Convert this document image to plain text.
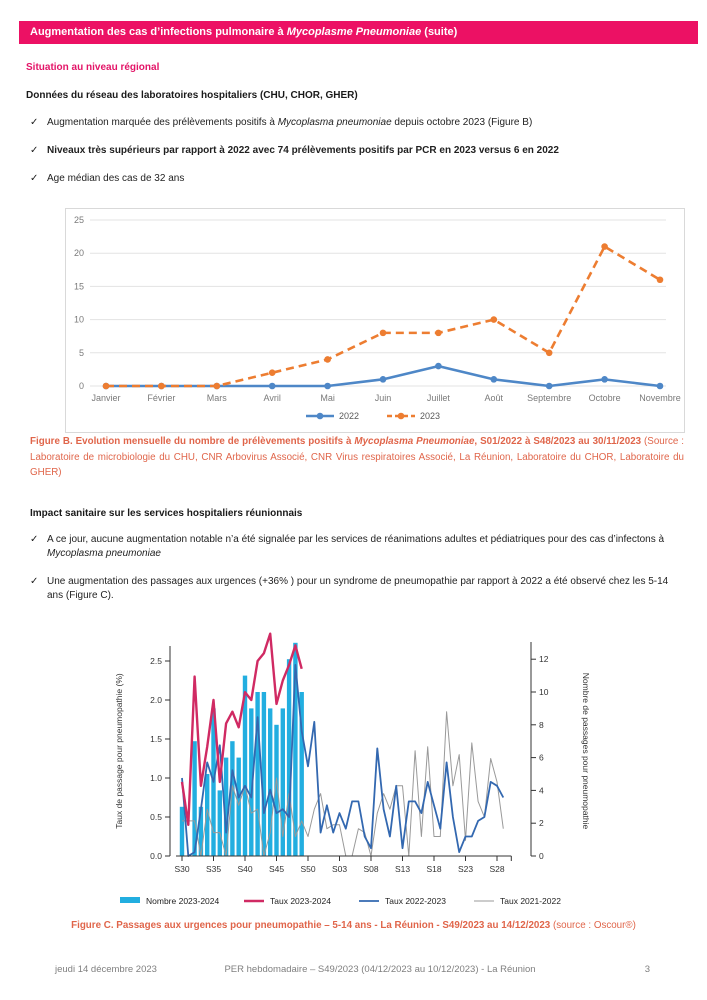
Augmentation des cas d’infections pulmonaire à Mycoplasme Pneumoniae (suite)
Situation au niveau régional
Données du réseau des laboratoires hospitaliers (CHU, CHOR, GHER)
✓ Augmentation marquée des prélèvements positifs à Mycoplasma pneumoniae depuis octobre 2023 (Figure B)
✓ Niveaux très supérieurs par rapport à 2022 avec 74 prélèvements positifs par PCR en 2023 versus 6 en 2022
✓ Age médian des cas de 32 ans
0
5
10
15
20
25
Janvier	Février	Mars	Avril	Mai	Juin	Juillet	Août	Septembre Octobre Novembre
2022	2023

Figure B. Evolution mensuelle du nombre de prélèvements positifs à Mycoplasma Pneumoniae, S01/2022 à S48/2023 au 30/11/2023 (Source : Laboratoire de microbiologie du CHU, CNR Arbovirus Associé, CNR Virus respiratoires Associé, La Réunion, Laboratoire du CHOR, Laboratoire du GHER)

Impact sanitaire sur les services hospitaliers réunionnais
✓ A ce jour, aucune augmentation notable n’a été signalée par les services de réanimations adultes et pédiatriques pour des cas d’infectons à Mycoplasma pneumoniae
✓ Une augmentation des passages aux urgences (+36% ) pour un syndrome de pneumopathie par rapport à 2022 a été observé chez les 5-14 ans (Figure C).
0.0
0.5
1.0
1.5
2.0
2.5
0
2
4
6
8
10
12
S30 S35 S40 S45 S50 S03 S08 S13 S18 S23 S28
Taux de passage pour pneumopathie (%)	Nombre de passages pour pneumopathie
Nombre 2023-2024	Taux 2023-2024	Taux 2022-2023	Taux 2021-2022

Figure C. Passages aux urgences pour pneumopathie – 5-14 ans - La Réunion - S49/2023 au 14/12/2023 (source : Oscour®)

jeudi 14 décembre 2023	PER hebdomadaire – S49/2023 (04/12/2023 au 10/12/2023) - La Réunion	3
